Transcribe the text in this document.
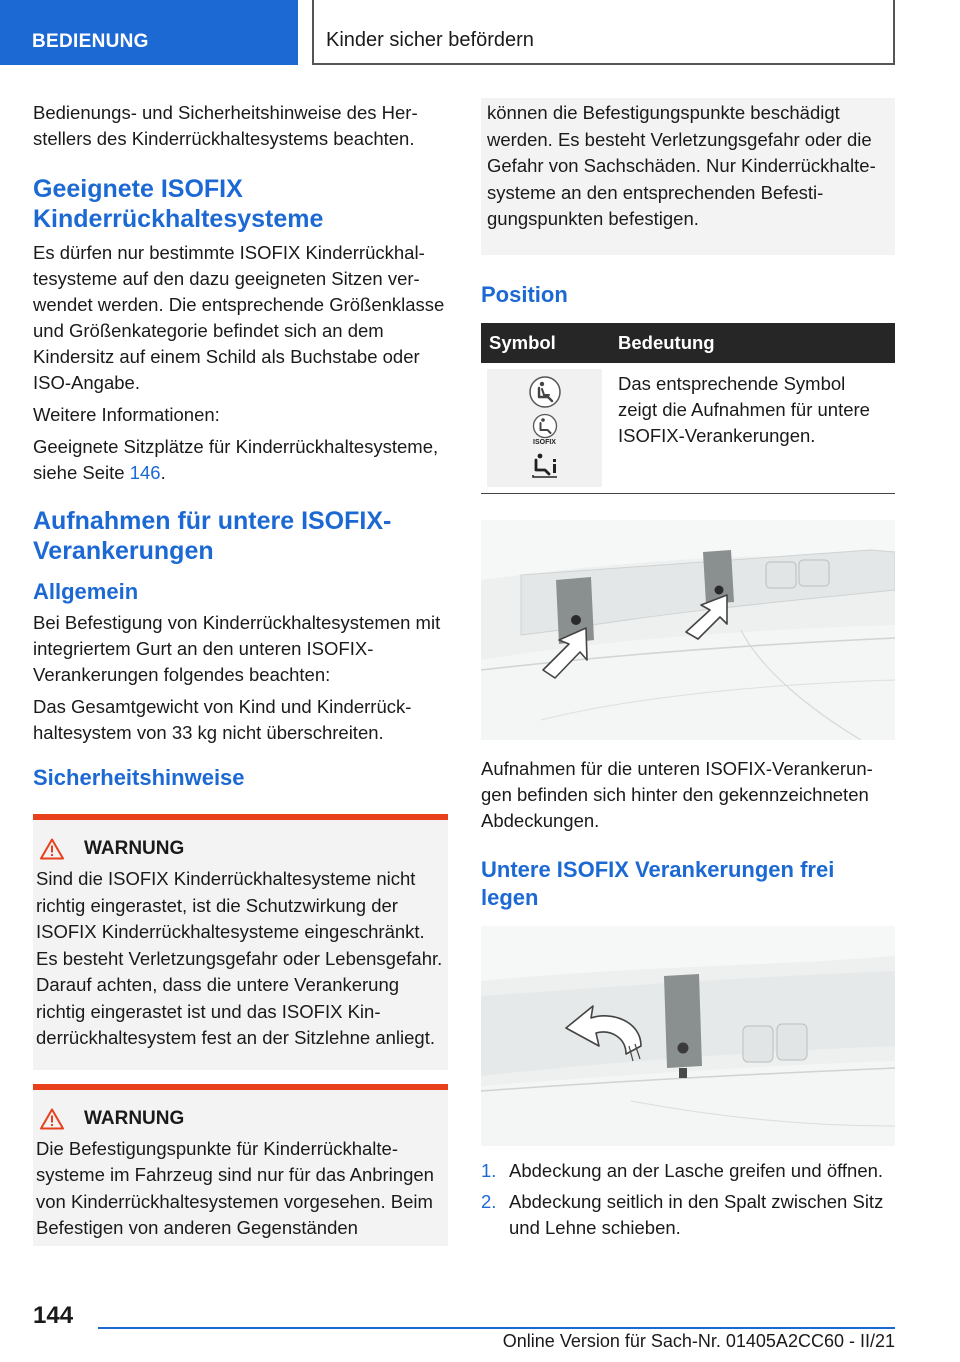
BEDIENUNG	Kinder sicher befördern

Bedienungs- und Sicherheitshinweise des Herstellers des Kinderrückhaltesystems beachten.

Geeignete ISOFIX Kinderrückhaltesysteme

Es dürfen nur bestimmte ISOFIX Kinderrückhaltesysteme auf den dazu geeigneten Sitzen verwendet werden. Die entsprechende Größenklasse und Größenkategorie befindet sich an dem Kindersitz auf einem Schild als Buchstabe oder ISO-Angabe.

Weitere Informationen:

Geeignete Sitzplätze für Kinderrückhaltesysteme, siehe Seite 146.

Aufnahmen für untere ISOFIX-Verankerungen
Allgemein

Bei Befestigung von Kinderrückhaltesystemen mit integriertem Gurt an den unteren ISOFIX-Verankerungen folgendes beachten:

Das Gesamtgewicht von Kind und Kinderrückhaltesystem von 33 kg nicht überschreiten.

Sicherheitshinweise
WARNUNG

Sind die ISOFIX Kinderrückhaltesysteme nicht richtig eingerastet, ist die Schutzwirkung der ISOFIX Kinderrückhaltesysteme eingeschränkt. Es besteht Verletzungsgefahr oder Lebensgefahr. Darauf achten, dass die untere Verankerung richtig eingerastet ist und das ISOFIX Kinderrückhaltesystem fest an der Sitzlehne anliegt.

WARNUNG

Die Befestigungspunkte für Kinderrückhaltesysteme im Fahrzeug sind nur für das Anbringen von Kinderrückhaltesystemen vorgesehen. Beim Befestigen von anderen Gegenständen

können die Befestigungspunkte beschädigt werden. Es besteht Verletzungsgefahr oder die Gefahr von Sachschäden. Nur Kinderrückhaltesysteme an den entsprechenden Befestigungspunkten befestigen.

Position
Symbol	Bedeutung

ISOFIX	Das entsprechende Symbol zeigt die Aufnahmen für untere ISOFIX-Verankerungen.

Aufnahmen für die unteren ISOFIX-Verankerungen befinden sich hinter den gekennzeichneten Abdeckungen.

Untere ISOFIX Verankerungen frei legen
1. Abdeckung an der Lasche greifen und öffnen.
2. Abdeckung seitlich in den Spalt zwischen Sitz und Lehne schieben.
144
Online Version für Sach-Nr. 01405A2CC60 - II/21
